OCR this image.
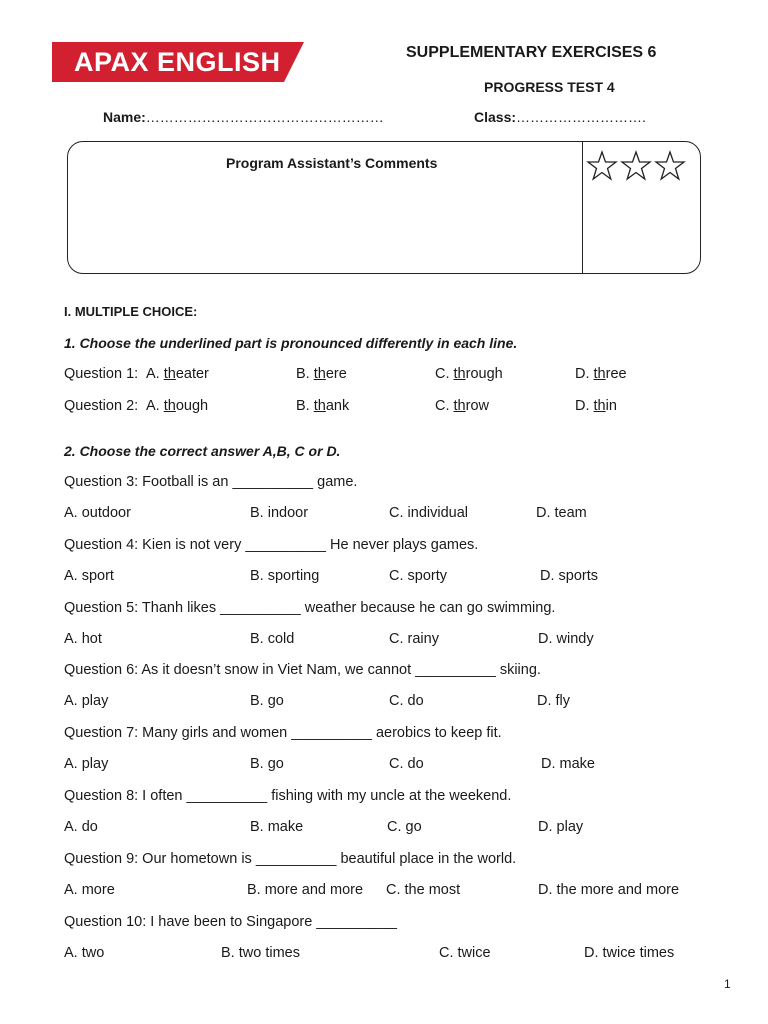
APAX ENGLISH	SUPPLEMENTARY EXERCISES 6
PROGRESS TEST 4
Name:……………………………………………	Class:……………………….
Program Assistant’s Comments
I. MULTIPLE CHOICE:
1. Choose the underlined part is pronounced differently in each line.
Question 1: A. theater	B. there	C. through	D. three
Question 2: A. though	B. thank	C. throw	D. thin
2. Choose the correct answer A,B, C or D.
Question 3: Football is an __________ game.
A. outdoor	B. indoor	C. individual	D. team
Question 4: Kien is not very __________ He never plays games.
A. sport	B. sporting	C. sporty	D. sports
Question 5: Thanh likes __________ weather because he can go swimming.
A. hot	B. cold	C. rainy	D. windy
Question 6: As it doesn’t snow in Viet Nam, we cannot __________ skiing.
A. play	B. go	C. do	D. fly
Question 7: Many girls and women __________ aerobics to keep fit.
A. play	B. go	C. do	D. make
Question 8: I often __________ fishing with my uncle at the weekend.
A. do	B. make	C. go	D. play
Question 9: Our hometown is __________ beautiful place in the world.
A. more	B. more and more C. the most	D. the more and more
Question 10: I have been to Singapore __________
A. two	B. two times	C. twice	D. twice times
1
